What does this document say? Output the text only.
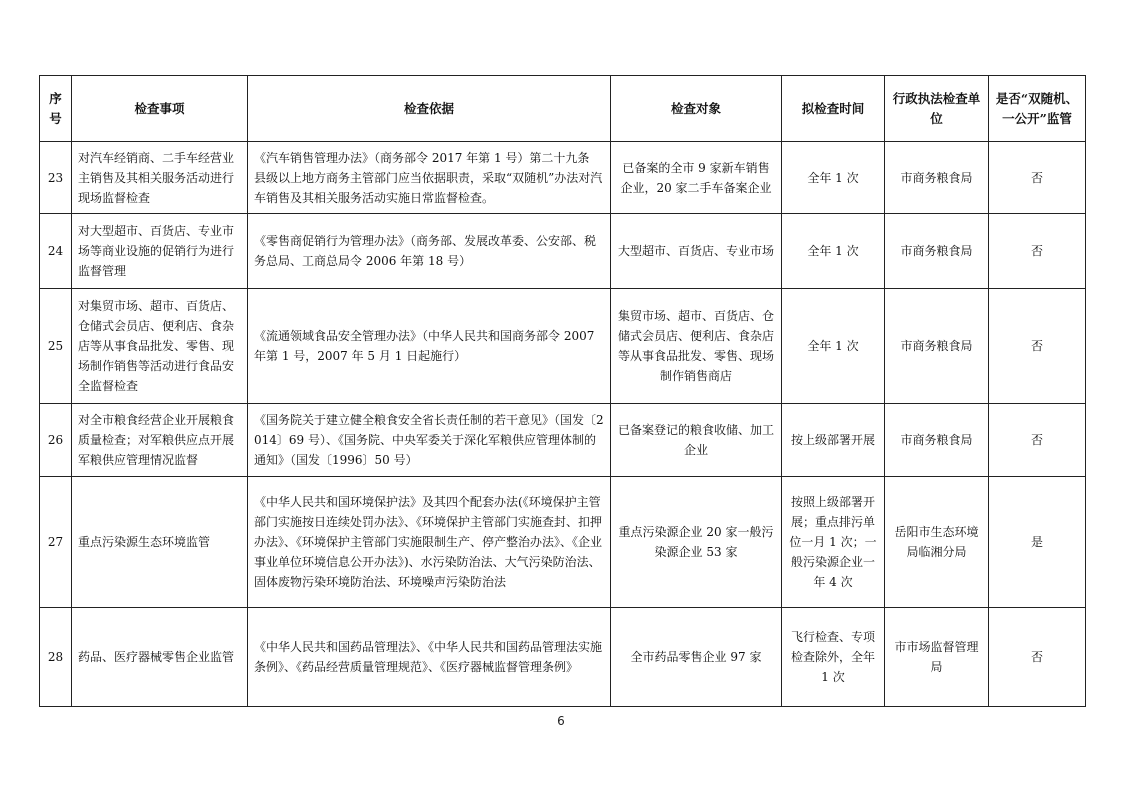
序号	检查事项	检查依据	检查对象	拟检查时间	行政执法检查单位	是否“双随机、一公开”监管
23	对汽车经销商、二手车经营业主销售及其相关服务活动进行现场监督检查	《汽车销售管理办法》（商务部令 2017 年第 1 号）第二十九条 县级以上地方商务主管部门应当依据职责，采取“双随机”办法对汽车销售及其相关服务活动实施日常监督检查。	已备案的全市 9 家新车销售企业，20 家二手车备案企业	全年 1 次	市商务粮食局	否
24	对大型超市、百货店、专业市场等商业设施的促销行为进行监督管理	《零售商促销行为管理办法》（商务部、发展改革委、公安部、税务总局、工商总局令 2006 年第 18 号）	大型超市、百货店、专业市场	全年 1 次	市商务粮食局	否
25	对集贸市场、超市、百货店、仓储式会员店、便利店、食杂店等从事食品批发、零售、现场制作销售等活动进行食品安全监督检查	《流通领域食品安全管理办法》（中华人民共和国商务部令 2007 年第 1 号，2007 年 5 月 1 日起施行）	集贸市场、超市、百货店、仓储式会员店、便利店、食杂店等从事食品批发、零售、现场制作销售商店	全年 1 次	市商务粮食局	否
26	对全市粮食经营企业开展粮食质量检查；对军粮供应点开展军粮供应管理情况监督	《国务院关于建立健全粮食安全省长责任制的若干意见》（国发〔2014〕69 号）、《国务院、中央军委关于深化军粮供应管理体制的通知》（国发〔1996〕50 号）	已备案登记的粮食收储、加工企业	按上级部署开展	市商务粮食局	否
27	重点污染源生态环境监管	《中华人民共和国环境保护法》及其四个配套办法(《环境保护主管部门实施按日连续处罚办法》、《环境保护主管部门实施查封、扣押办法》、《环境保护主管部门实施限制生产、停产整治办法》、《企业事业单位环境信息公开办法》)、水污染防治法、大气污染防治法、固体废物污染环境防治法、环境噪声污染防治法	重点污染源企业 20 家一般污染源企业 53 家	按照上级部署开展；重点排污单位一月 1 次；一般污染源企业一年 4 次	岳阳市生态环境局临湘分局	是
28	药品、医疗器械零售企业监管	《中华人民共和国药品管理法》、《中华人民共和国药品管理法实施条例》、《药品经营质量管理规范》、《医疗器械监督管理条例》	全市药品零售企业 97 家	飞行检查、专项检查除外，全年 1 次	市市场监督管理局	否
6
